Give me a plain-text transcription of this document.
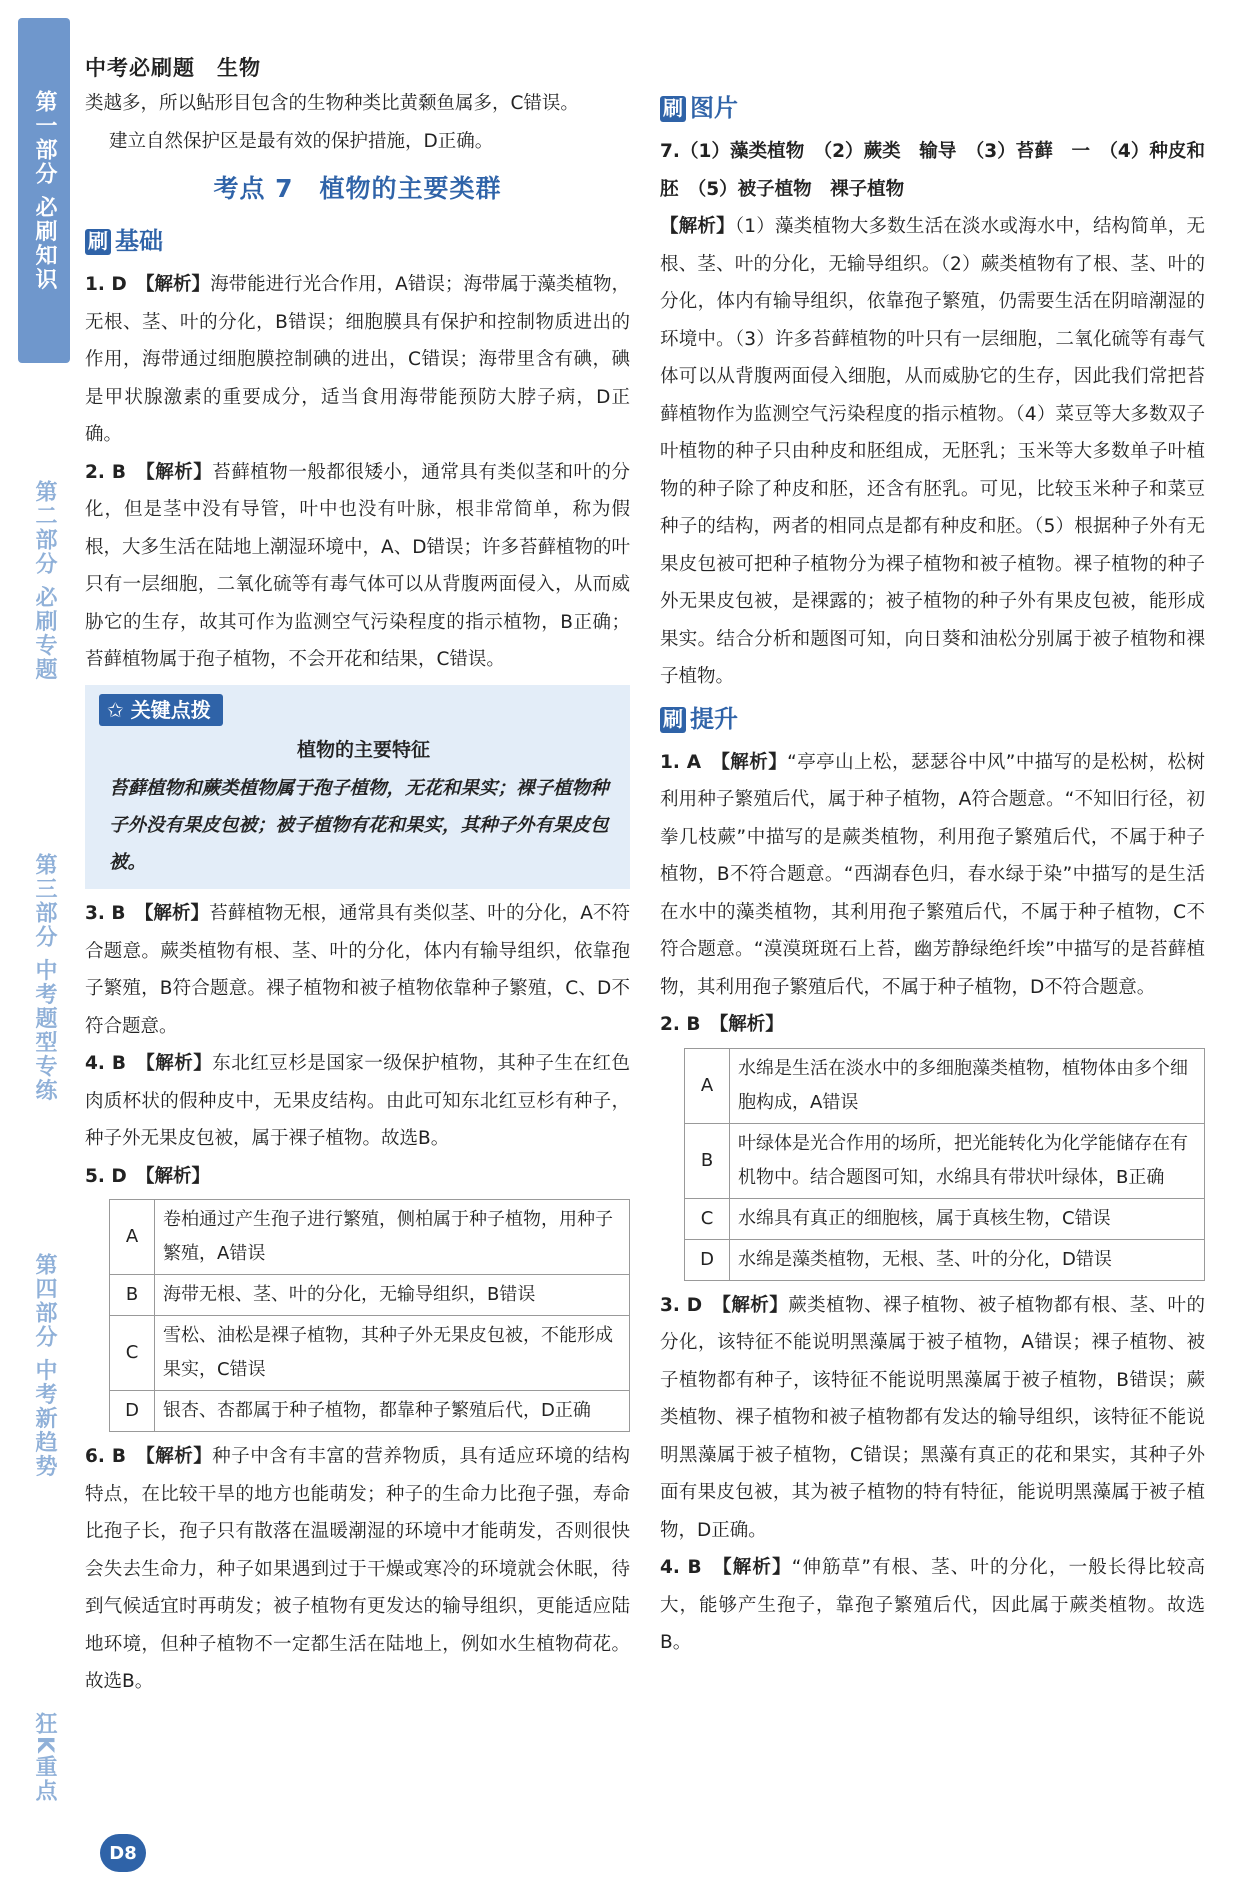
第一部分 必刷知识
第二部分 必刷专题
第三部分 中考题型专练
第四部分 中考新趋势
狂K重点
中考必刷题　生物

类越多，所以鲇形目包含的生物种类比黄颡鱼属多，C错误。

建立自然保护区是最有效的保护措施，D正确。

考点 7　植物的主要类群
刷 基础

1. D　 【解析】海带能进行光合作用，A错误；海带属于藻类植物，无根、茎、叶的分化，B错误；细胞膜具有保护和控制物质进出的作用，海带通过细胞膜控制碘的进出，C错误；海带里含有碘，碘是甲状腺激素的重要成分，适当食用海带能预防大脖子病，D正确。

2. B　 【解析】苔藓植物一般都很矮小，通常具有类似茎和叶的分化，但是茎中没有导管，叶中也没有叶脉，根非常简单，称为假根，大多生活在陆地上潮湿环境中，A、D错误；许多苔藓植物的叶只有一层细胞，二氧化硫等有毒气体可以从背腹两面侵入，从而威胁它的生存，故其可作为监测空气污染程度的指示植物，B正确；苔藓植物属于孢子植物，不会开花和结果，C错误。

✩ 关键点拨
植物的主要特征
苔藓植物和蕨类植物属于孢子植物，无花和果实；裸子植物种子外没有果皮包被；被子植物有花和果实，其种子外有果皮包被。

3. B　 【解析】苔藓植物无根，通常具有类似茎、叶的分化，A不符合题意。蕨类植物有根、茎、叶的分化，体内有输导组织，依靠孢子繁殖，B符合题意。裸子植物和被子植物依靠种子繁殖，C、D不符合题意。

4. B　 【解析】东北红豆杉是国家一级保护植物，其种子生在红色肉质杯状的假种皮中，无果皮结构。由此可知东北红豆杉有种子，种子外无果皮包被，属于裸子植物。故选B。

5. D　 【解析】

A	卷柏通过产生孢子进行繁殖，侧柏属于种子植物，用种子繁殖，A错误
B	海带无根、茎、叶的分化，无输导组织，B错误
C	雪松、油松是裸子植物，其种子外无果皮包被，不能形成果实，C错误
D	银杏、杏都属于种子植物，都靠种子繁殖后代，D正确

6. B　 【解析】种子中含有丰富的营养物质，具有适应环境的结构特点，在比较干旱的地方也能萌发；种子的生命力比孢子强，寿命比孢子长，孢子只有散落在温暖潮湿的环境中才能萌发，否则很快会失去生命力，种子如果遇到过于干燥或寒冷的环境就会休眠，待到气候适宜时再萌发；被子植物有更发达的输导组织，更能适应陆地环境，但种子植物不一定都生活在陆地上，例如水生植物荷花。故选B。

刷 图片

7.（1）藻类植物　（2）蕨类　输导　（3）苔藓　一　（4）种皮和胚　（5）被子植物　裸子植物

【解析】（1）藻类植物大多数生活在淡水或海水中，结构简单，无根、茎、叶的分化，无输导组织。（2）蕨类植物有了根、茎、叶的分化，体内有输导组织，依靠孢子繁殖，仍需要生活在阴暗潮湿的环境中。（3）许多苔藓植物的叶只有一层细胞，二氧化硫等有毒气体可以从背腹两面侵入细胞，从而威胁它的生存，因此我们常把苔藓植物作为监测空气污染程度的指示植物。（4）菜豆等大多数双子叶植物的种子只由种皮和胚组成，无胚乳；玉米等大多数单子叶植物的种子除了种皮和胚，还含有胚乳。可见，比较玉米种子和菜豆种子的结构，两者的相同点是都有种皮和胚。（5）根据种子外有无果皮包被可把种子植物分为裸子植物和被子植物。裸子植物的种子外无果皮包被，是裸露的；被子植物的种子外有果皮包被，能形成果实。结合分析和题图可知，向日葵和油松分别属于被子植物和裸子植物。

刷 提升

1. A　 【解析】“亭亭山上松，瑟瑟谷中风”中描写的是松树，松树利用种子繁殖后代，属于种子植物，A符合题意。“不知旧行径，初拳几枝蕨”中描写的是蕨类植物，利用孢子繁殖后代，不属于种子植物，B不符合题意。“西湖春色归，春水绿于染”中描写的是生活在水中的藻类植物，其利用孢子繁殖后代，不属于种子植物，C不符合题意。“漠漠斑斑石上苔，幽芳静绿绝纤埃”中描写的是苔藓植物，其利用孢子繁殖后代，不属于种子植物，D不符合题意。

2. B　 【解析】

A	水绵是生活在淡水中的多细胞藻类植物，植物体由多个细胞构成，A错误
B	叶绿体是光合作用的场所，把光能转化为化学能储存在有机物中。结合题图可知，水绵具有带状叶绿体，B正确
C	水绵具有真正的细胞核，属于真核生物，C错误
D	水绵是藻类植物，无根、茎、叶的分化，D错误

3. D　 【解析】蕨类植物、裸子植物、被子植物都有根、茎、叶的分化，该特征不能说明黑藻属于被子植物，A错误；裸子植物、被子植物都有种子，该特征不能说明黑藻属于被子植物，B错误；蕨类植物、裸子植物和被子植物都有发达的输导组织，该特征不能说明黑藻属于被子植物，C错误；黑藻有真正的花和果实，其种子外面有果皮包被，其为被子植物的特有特征，能说明黑藻属于被子植物，D正确。

4. B　 【解析】“伸筋草”有根、茎、叶的分化，一般长得比较高大，能够产生孢子，靠孢子繁殖后代，因此属于蕨类植物。故选B。

D8
